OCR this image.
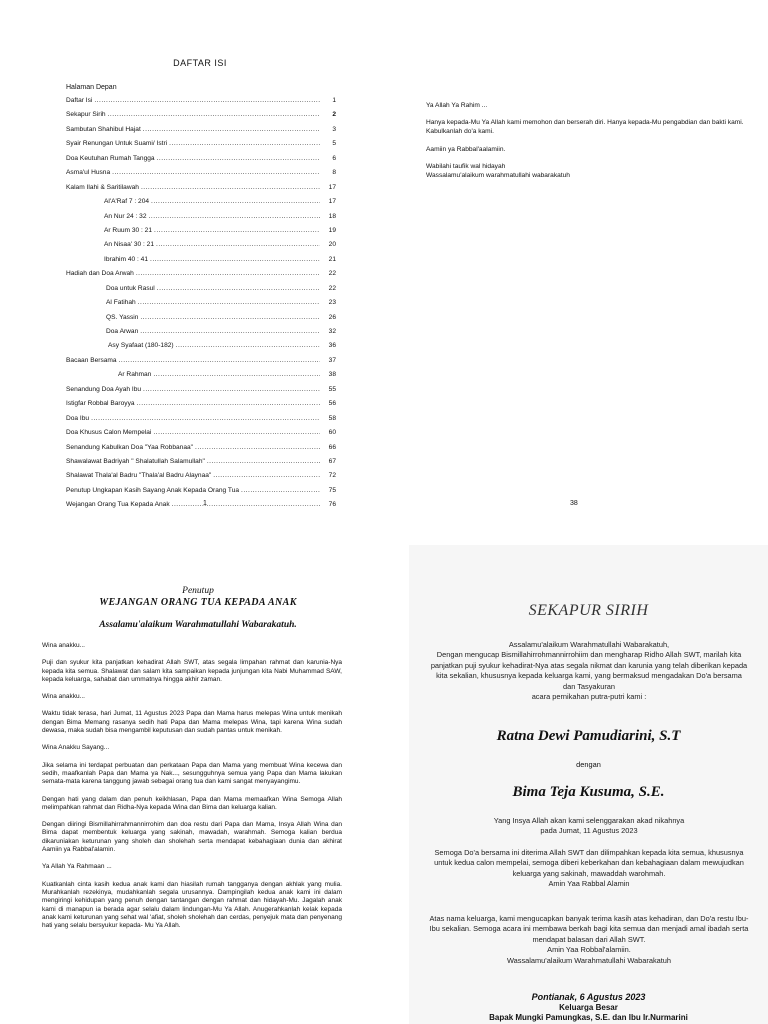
DAFTAR ISI
Halaman Depan
Daftar Isi .....	1
Sekapur Sirih .....	2
Sambutan Shahibul Hajat .....	3
Syair Renungan Untuk Suami/ Istri .....	5
Doa Keutuhan Rumah Tangga .....	6
Asma'ul Husna .....	8
Kalam Ilahi & Saritilawah .....	17
Al'A'Raf 7 : 204 .....	17
An Nur 24 : 32 .....	18
Ar Ruum 30 : 21 .....	19
An Nisaa' 30 : 21 .....	20
Ibrahim 40 : 41 .....	21
Hadiah dan Doa Arwah .....	22
Doa untuk Rasul .....	22
Al Fatihah .....	23
QS. Yassin .....	26
Doa Arwan .....	32
Asy Syafaat (180-182) .....	36
Bacaan Bersama .....	37
Ar Rahman .....	38
Senandung Doa Ayah Ibu .....	55
Istigfar Robbal Baroyya .....	56
Doa Ibu .....	58
Doa Khusus Calon Mempelai .....	60
Senandung Kabulkan Doa "Yaa Robbanaa" .....	66
Shawalawat Badriyah " Shalatullah Salamullah" .....	67
Shalawat Thala'al Badru "Thala'al Badru Alaynaa" .....	72
Penutup Ungkapan Kasih Sayang Anak Kepada Orang Tua .....	75
Wejangan Orang Tua Kepada Anak .....	76
1

Ya Allah Ya Rahim ...

Hanya kepada-Mu Ya Allah kami memohon dan berserah diri. Hanya kepada-Mu pengabdian dan bakti kami. Kabulkanlah do'a kami.

Aamiin ya Rabbal'aalamiin.

Wabilahi taufik wal hidayah
Wassalamu'alaikum warahmatullahi wabarakatuh

38
Penutup
WEJANGAN ORANG TUA KEPADA ANAK
Assalamu'alaikum Warahmatullahi Wabarakatuh.

Wina anakku...

Puji dan syukur kita panjatkan kehadirat Allah SWT, atas segala limpahan rahmat dan karunia-Nya kepada kita semua. Shalawat dan salam kita sampaikan kepada junjungan kita Nabi Muhammad SAW, kepada keluarga, sahabat dan ummatnya hingga akhir zaman.

Wina anakku...

Waktu tidak terasa, hari Jumat, 11 Agustus 2023 Papa dan Mama harus melepas Wina untuk menikah dengan Bima Memang rasanya sedih hati Papa dan Mama melepas Wina, tapi karena Wina sudah dewasa, maka sudah bisa mengambil keputusan dan sudah pantas untuk menikah.

Wina Anakku Sayang...

Jika selama ini terdapat perbuatan dan perkataan Papa dan Mama yang membuat Wina kecewa dan sedih, maafkanlah Papa dan Mama ya Nak..., sesungguhnya semua yang Papa dan Mama lakukan semata-mata karena tanggung jawab sebagai orang tua dan kami sangat menyayangimu.

Dengan hati yang dalam dan penuh keikhlasan, Papa dan Mama memaafkan Wina Semoga Allah melimpahkan rahmat dan Ridha-Nya kepada Wina dan Bima dan keluarga kalian.

Dengan diiringi Bismillahirrahmannirrohim dan doa restu dari Papa dan Mama, Insya Allah Wina dan Bima dapat membentuk keluarga yang sakinah, mawadah, warahmah. Semoga kalian berdua dikaruniakan keturunan yang sholeh dan sholehah serta mendapat kebahagiaan dunia dan akhirat Aamiin ya Rabbal'alamin.

Ya Allah Ya Rahmaan ...

Kuatkanlah cinta kasih kedua anak kami dan hiasilah rumah tangganya dengan akhlak yang mulia. Murahkanlah rezekinya, mudahkanlah segala urusannya. Dampingilah kedua anak kami ini dalam mengiringi kehidupan yang penuh dengan tantangan dengan rahmat dan hidayah-Mu. Jagalah anak kami di manapun ia berada agar selalu dalam lindungan-Mu Ya Allah. Anugerahkanlah kelak kepada anak kami keturunan yang sehat wal 'afiat, sholeh sholehah dan cerdas, penyejuk mata dan penyenang hati yang selalu bersyukur kepada- Mu Ya Allah.

SEKAPUR SIRIH
Assalamu'alaikum Warahmatullahi Wabarakatuh,
Dengan mengucap Bismillahirrohmannirrohiim dan mengharap Ridho Allah SWT, marilah kita panjatkan puji syukur kehadirat-Nya atas segala nikmat dan karunia yang telah diberikan kepada kita sekalian, khususnya kepada keluarga kami, yang bermaksud mengadakan Do'a bersama dan Tasyakuran
acara pernikahan putra-putri kami :
Ratna Dewi Pamudiarini, S.T
dengan
Bima Teja Kusuma, S.E.
Yang Insya Allah akan kami selenggarakan akad nikahnya
pada Jumat, 11 Agustus 2023
Semoga Do'a bersama ini diterima Allah SWT dan dilimpahkan kepada kita semua, khususnya untuk kedua calon mempelai, semoga diberi keberkahan dan kebahagiaan dalam mewujudkan keluarga yang sakinah, mawaddah warohmah.
Amin Yaa Rabbal Alamin
Atas nama keluarga, kami mengucapkan banyak terima kasih atas kehadiran, dan Do'a restu Ibu-Ibu sekalian. Semoga acara ini membawa berkah bagi kita semua dan menjadi amal ibadah serta mendapat balasan dari Allah SWT.
Amin Yaa Robbal'alamiin.
Wassalamu'alaikum Warahmatullahi Wabarakatuh
Pontianak, 6 Agustus 2023
Keluarga Besar
Bapak Mungki Pamungkas, S.E. dan Ibu Ir.Nurmarini
